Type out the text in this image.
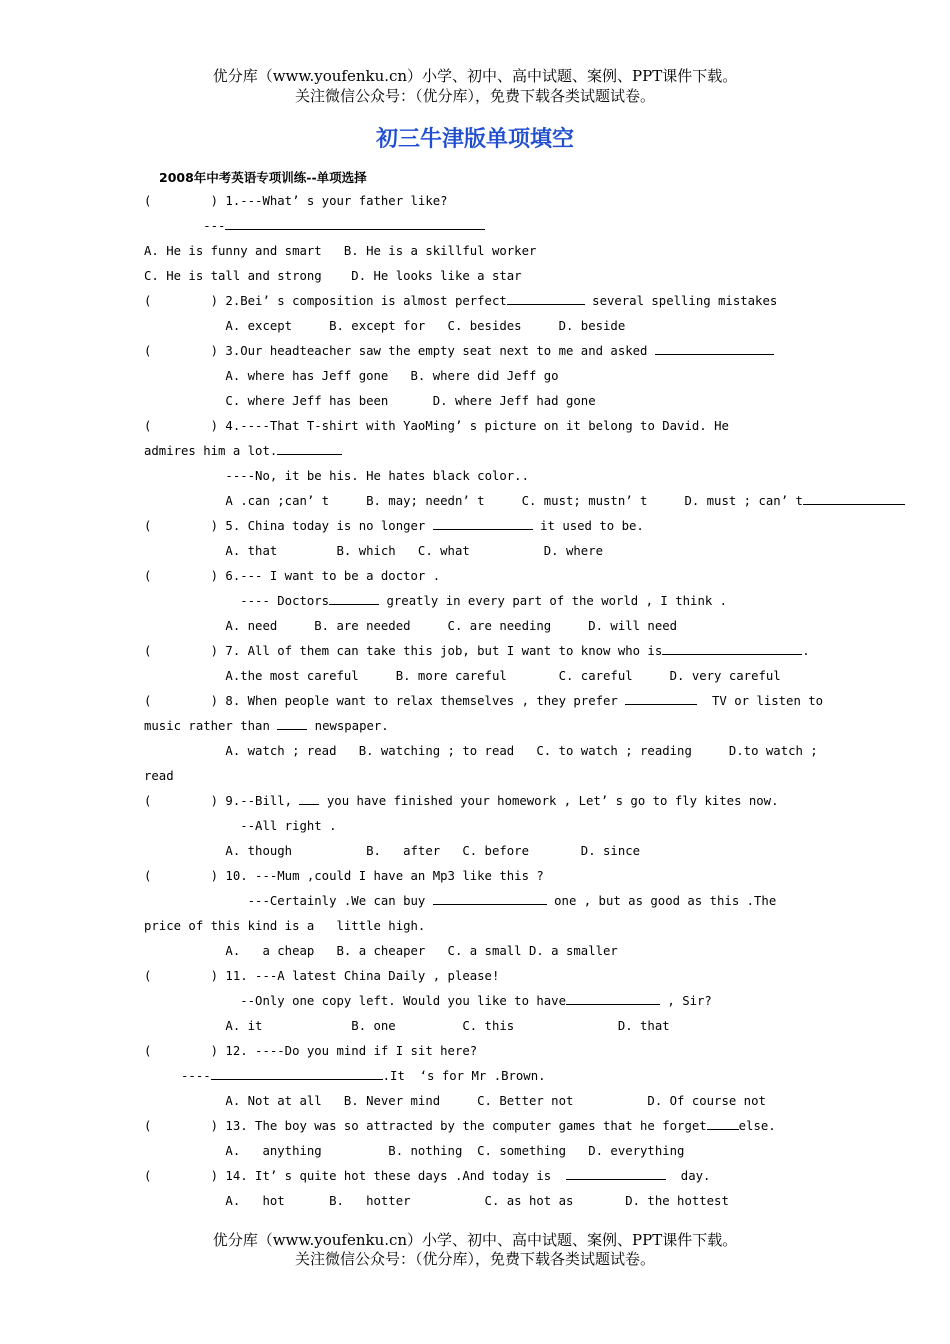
优分库（www.youfenku.cn）小学、初中、高中试题、案例、PPT课件下载。
关注微信公众号：（优分库），免费下载各类试题试卷。
初三牛津版单项填空
2008年中考英语专项训练--单项选择
(        ) 1.---What’ s your father like?
---
A. He is funny and smart   B. He is a skillful worker
C. He is tall and strong    D. He looks like a star
(        ) 2.Bei’ s composition is almost perfect	several spelling mistakes
A. except     B. except for   C. besides     D. beside
(        ) 3.Our headteacher saw the empty seat next to me and asked
A. where has Jeff gone   B. where did Jeff go
C. where Jeff has been      D. where Jeff had gone
(        ) 4.----That T-shirt with YaoMing’ s picture on it belong to David. He
admires him a lot.
----No, it be his. He hates black color..
A .can ;can’ t     B. may; needn’ t     C. must; mustn’ t     D. must ; can’ t
(        ) 5. China today is no longer	it used to be.
A. that        B. which   C. what          D. where
(        ) 6.--- I want to be a doctor .
---- Doctors	greatly in every part of the world , I think .
A. need     B. are needed     C. are needing     D. will need
(        ) 7. All of them can take this job, but I want to know who is	.
A.the most careful     B. more careful       C. careful     D. very careful
(        ) 8. When people want to relax themselves , they prefer	TV or listen to
music rather than  newspaper.
A. watch ; read   B. watching ; to read   C. to watch ; reading     D.to watch ;
read
(        ) 9.--Bill,  you have finished your homework , Let’ s go to fly kites now.
--All right .
A. though          B.   after   C. before       D. since
(        ) 10. ---Mum ,could I have an Mp3 like this ?
---Certainly .We can buy	one , but as good as this .The
price of this kind is a   little high.
A.   a cheap   B. a cheaper   C. a small D. a smaller
(        ) 11. ---A latest China Daily , please!
--Only one copy left. Would you like to have	, Sir?
A. it            B. one         C. this              D. that
(        ) 12. ----Do you mind if I sit here?
----	.It  ‘s for Mr .Brown.
A. Not at all   B. Never mind     C. Better not          D. Of course not
(        ) 13. The boy was so attracted by the computer games that he forget	else.
A.   anything         B. nothing  C. something   D. everything
(        ) 14. It’ s quite hot these days .And today is	day.
A.   hot      B.   hotter          C. as hot as       D. the hottest
优分库（www.youfenku.cn）小学、初中、高中试题、案例、PPT课件下载。
关注微信公众号：（优分库），免费下载各类试题试卷。
